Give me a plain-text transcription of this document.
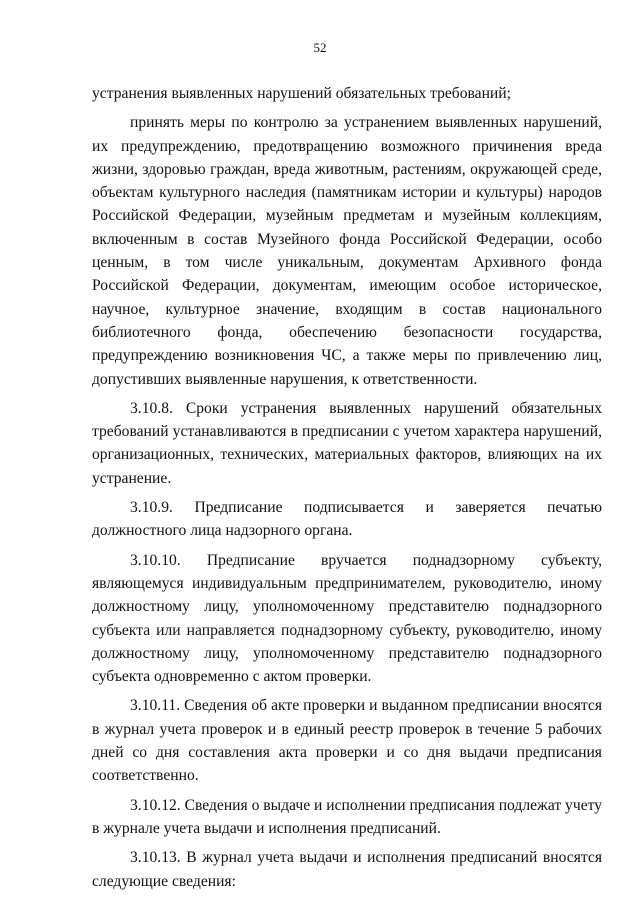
52

устранения выявленных нарушений обязательных требований;

принять меры по контролю за устранением выявленных нарушений, их предупреждению, предотвращению возможного причинения вреда жизни, здоровью граждан, вреда животным, растениям, окружающей среде, объектам культурного наследия (памятникам истории и культуры) народов Российской Федерации, музейным предметам и музейным коллекциям, включенным в состав Музейного фонда Российской Федерации, особо ценным, в том числе уникальным, документам Архивного фонда Российской Федерации, документам, имеющим особое историческое, научное, культурное значение, входящим в состав национального библиотечного фонда, обеспечению безопасности государства, предупреждению возникновения ЧС, а также меры по привлечению лиц, допустивших выявленные нарушения, к ответственности.

3.10.8. Сроки устранения выявленных нарушений обязательных требований устанавливаются в предписании с учетом характера нарушений, организационных, технических, материальных факторов, влияющих на их устранение.

3.10.9. Предписание подписывается и заверяется печатью должностного лица надзорного органа.

3.10.10. Предписание вручается поднадзорному субъекту, являющемуся индивидуальным предпринимателем, руководителю, иному должностному лицу, уполномоченному представителю поднадзорного субъекта или направляется поднадзорному субъекту, руководителю, иному должностному лицу, уполномоченному представителю поднадзорного субъекта одновременно с актом проверки.

3.10.11. Сведения об акте проверки и выданном предписании вносятся в журнал учета проверок и в единый реестр проверок в течение 5 рабочих дней со дня составления акта проверки и со дня выдачи предписания соответственно.

3.10.12. Сведения о выдаче и исполнении предписания подлежат учету в журнале учета выдачи и исполнения предписаний.

3.10.13. В журнал учета выдачи и исполнения предписаний вносятся следующие сведения:
